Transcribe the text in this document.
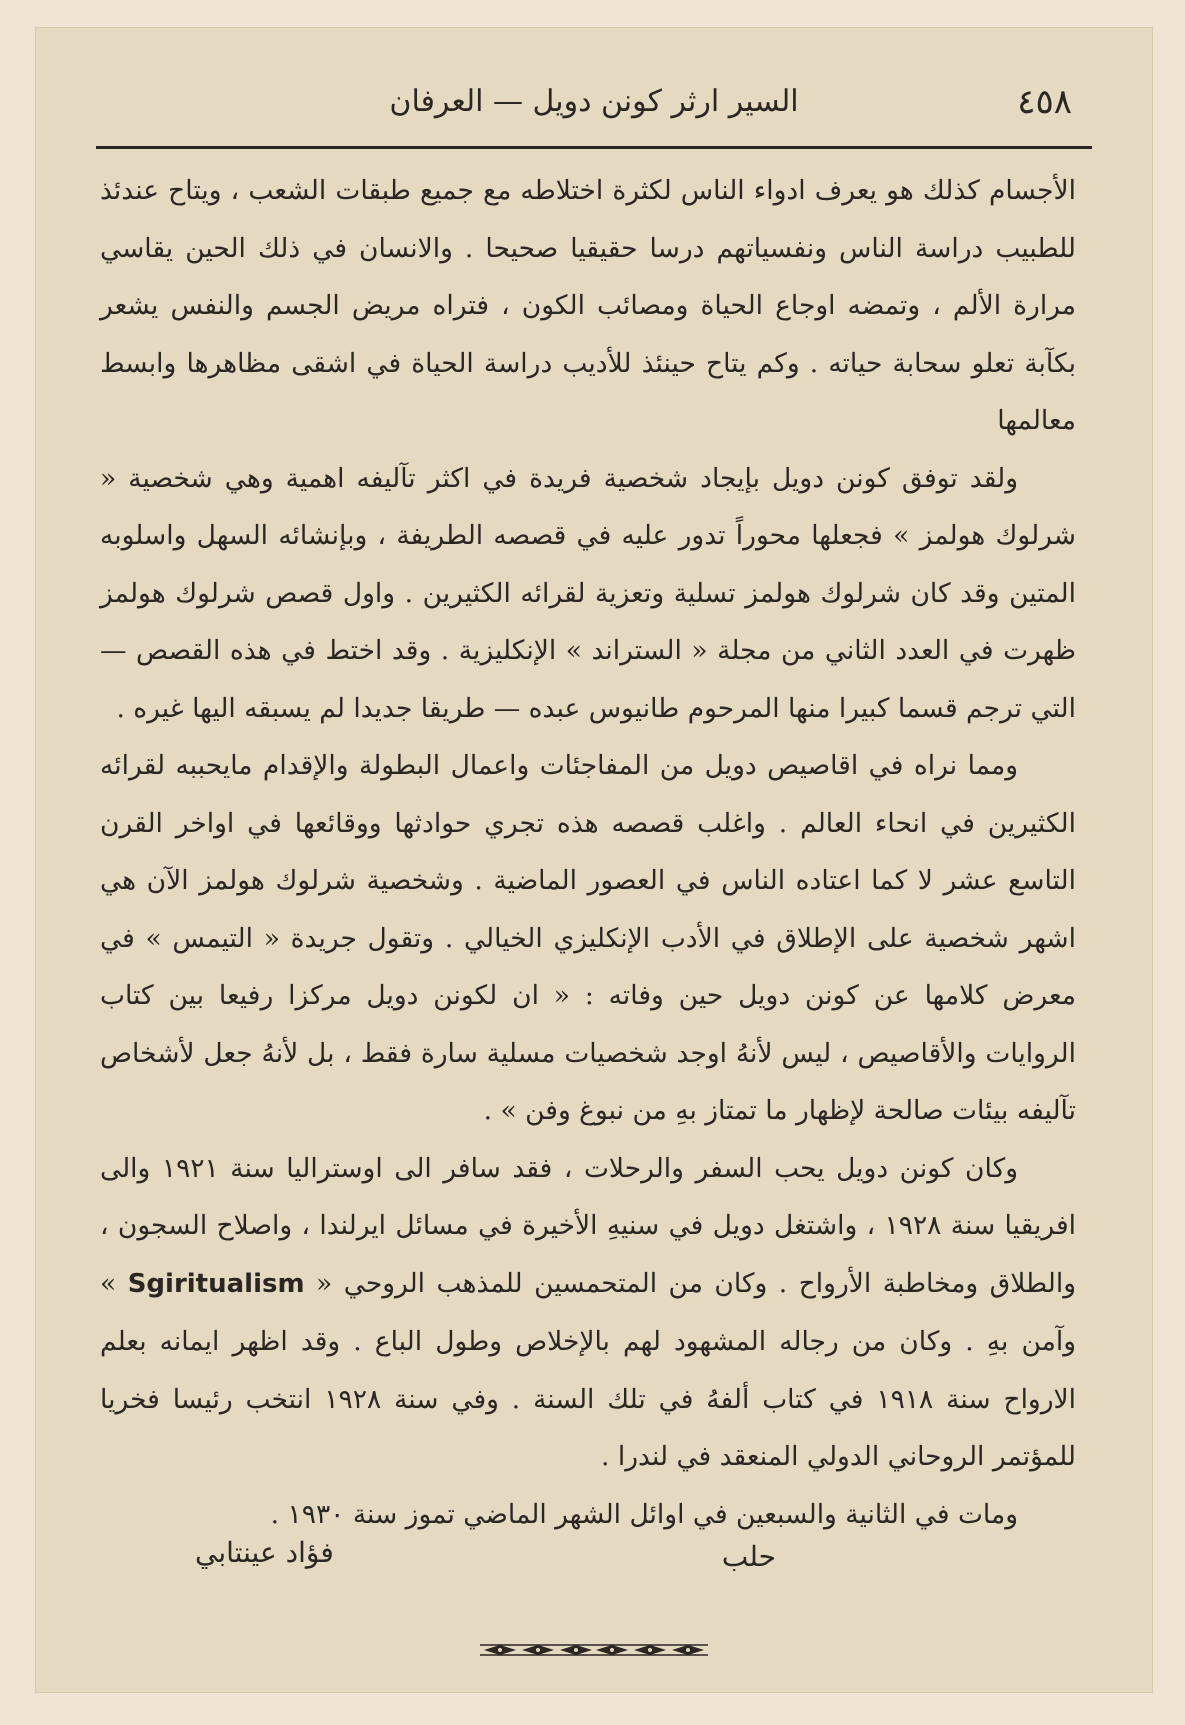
٤٥٨
السير ارثر كونن دويل — العرفان

الأجسام كذلك هو يعرف ادواء الناس لكثرة اختلاطه مع جميع طبقات الشعب ، ويتاح عندئذ للطبيب دراسة الناس ونفسياتهم درسا حقيقيا صحيحا . والانسان في ذلك الحين يقاسي مرارة الألم ، وتمضه اوجاع الحياة ومصائب الكون ، فتراه مريض الجسم والنفس يشعر بكآبة تعلو سحابة حياته . وكم يتاح حينئذ للأديب دراسة الحياة في اشقى مظاهرها وابسط معالمها

ولقد توفق كونن دويل بإيجاد شخصية فريدة في اكثر تآليفه اهمية وهي شخصية « شرلوك هولمز » فجعلها محوراً تدور عليه في قصصه الطريفة ، وبإنشائه السهل واسلوبه المتين وقد كان شرلوك هولمز تسلية وتعزية لقرائه الكثيرين . واول قصص شرلوك هولمز ظهرت في العدد الثاني من مجلة « الستراند » الإنكليزية . وقد اختط في هذه القصص — التي ترجم قسما كبيرا منها المرحوم طانيوس عبده — طريقا جديدا لم يسبقه اليها غيره .

ومما نراه في اقاصيص دويل من المفاجئات واعمال البطولة والإقدام مايحببه لقرائه الكثيرين في انحاء العالم . واغلب قصصه هذه تجري حوادثها ووقائعها في اواخر القرن التاسع عشر لا كما اعتاده الناس في العصور الماضية . وشخصية شرلوك هولمز الآن هي اشهر شخصية على الإطلاق في الأدب الإنكليزي الخيالي . وتقول جريدة « التيمس » في معرض كلامها عن كونن دويل حين وفاته : « ان لكونن دويل مركزا رفيعا بين كتاب الروايات والأقاصيص ، ليس لأنهُ اوجد شخصيات مسلية سارة فقط ، بل لأنهُ جعل لأشخاص تآليفه بيئات صالحة لإظهار ما تمتاز بهِ من نبوغ وفن » .

وكان كونن دويل يحب السفر والرحلات ، فقد سافر الى اوستراليا سنة ١٩٢١ والى افريقيا سنة ١٩٢٨ ، واشتغل دويل في سنيهِ الأخيرة في مسائل ايرلندا ، واصلاح السجون ، والطلاق ومخاطبة الأرواح . وكان من المتحمسين للمذهب الروحي « Sgiritualism » وآمن بهِ . وكان من رجاله المشهود لهم بالإخلاص وطول الباع . وقد اظهر ايمانه بعلم الارواح سنة ١٩١٨ في كتاب ألفهُ في تلك السنة . وفي سنة ١٩٢٨ انتخب رئيسا فخريا للمؤتمر الروحاني الدولي المنعقد في لندرا .

ومات في الثانية والسبعين في اوائل الشهر الماضي تموز سنة ١٩٣٠ .

حلب
فؤاد عينتابي
